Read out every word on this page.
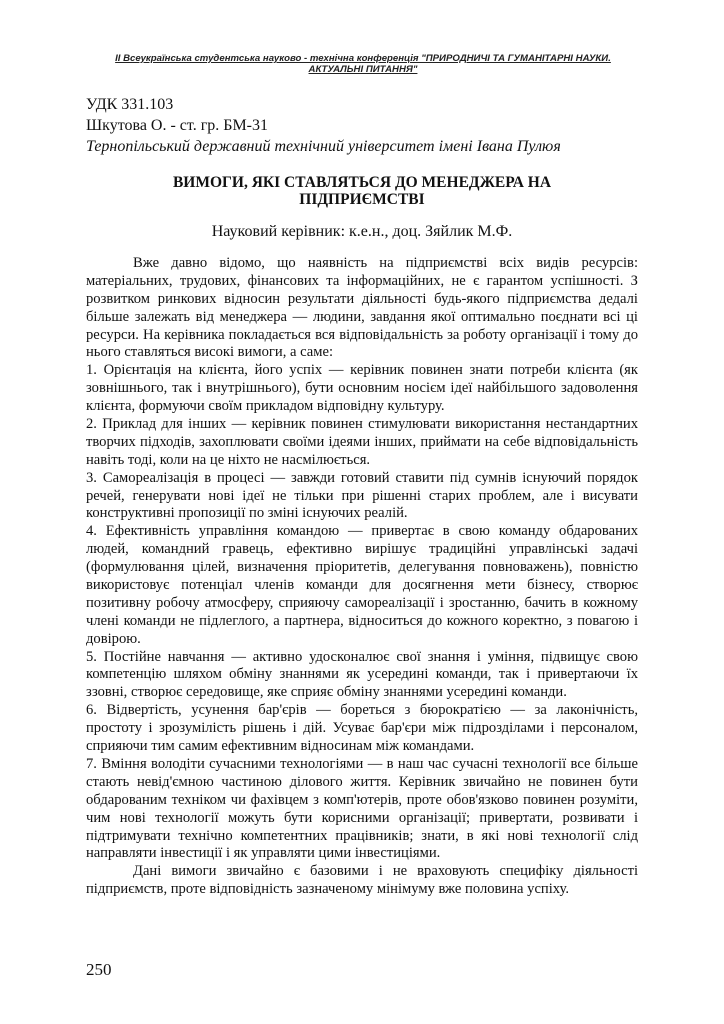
II Всеукраїнська студентська науково - технічна конференція "ПРИРОДНИЧІ ТА ГУМАНІТАРНІ НАУКИ.
АКТУАЛЬНІ ПИТАННЯ"
УДК 331.103
Шкутова О. - ст. гр. БМ-31
Тернопільський державний технічний університет імені Івана Пулюя
ВИМОГИ, ЯКІ СТАВЛЯТЬСЯ ДО МЕНЕДЖЕРА НА
ПІДПРИЄМСТВІ
Науковий керівник: к.е.н., доц. Зяйлик М.Ф.
Вже давно відомо, що наявність на підприємстві всіх видів ресурсів:
матеріальних, трудових, фінансових та інформаційних, не є гарантом успішності. З
розвитком ринкових відносин результати діяльності будь-якого підприємства дедалі
більше залежать від менеджера — людини, завдання якої оптимально поєднати всі ці
ресурси. На керівника покладається вся відповідальність за роботу організації і тому до
нього ставляться високі вимоги, а саме:
1. Орієнтація на клієнта, його успіх — керівник повинен знати потреби клієнта (як
зовнішнього, так і внутрішнього), бути основним носієм ідеї найбільшого задоволення
клієнта, формуючи своїм прикладом відповідну культуру.
2. Приклад для інших — керівник повинен стимулювати використання нестандартних
творчих підходів, захоплювати своїми ідеями інших, приймати на себе відповідальність
навіть тоді, коли на це ніхто не насмілюється.
3. Самореалізація в процесі — завжди готовий ставити під сумнів існуючий порядок
речей, генерувати нові ідеї не тільки при рішенні старих проблем, але і висувати
конструктивні пропозиції по зміні існуючих реалій.
4. Ефективність управління командою — привертає в свою команду обдарованих
людей, командний гравець, ефективно вирішує традиційні управлінські задачі
(формулювання цілей, визначення пріоритетів, делегування повноважень), повністю
використовує потенціал членів команди для досягнення мети бізнесу, створює
позитивну робочу атмосферу, сприяючу самореалізації і зростанню, бачить в кожному
члені команди не підлеглого, а партнера, відноситься до кожного коректно, з повагою і
довірою.
5. Постійне навчання — активно удосконалює свої знання і уміння, підвищує свою
компетенцію шляхом обміну знаннями як усередині команди, так і привертаючи їх
ззовні, створює середовище, яке сприяє обміну знаннями усередині команди.
6. Відвертість, усунення бар'єрів — бореться з бюрократією — за лаконічність,
простоту і зрозумілість рішень і дій. Усуває бар'єри між підрозділами і персоналом,
сприяючи тим самим ефективним відносинам між командами.
7. Вміння володіти сучасними технологіями — в наш час сучасні технології все більше
стають невід'ємною частиною ділового життя. Керівник звичайно не повинен бути
обдарованим техніком чи фахівцем з комп'ютерів, проте обов'язково повинен розуміти,
чим нові технології можуть бути корисними організації; привертати, розвивати і
підтримувати технічно компетентних працівників; знати, в які нові технології слід
направляти інвестиції і як управляти цими інвестиціями.
Дані вимоги звичайно є базовими і не враховують специфіку діяльності
підприємств, проте відповідність зазначеному мінімуму вже половина успіху.
250
